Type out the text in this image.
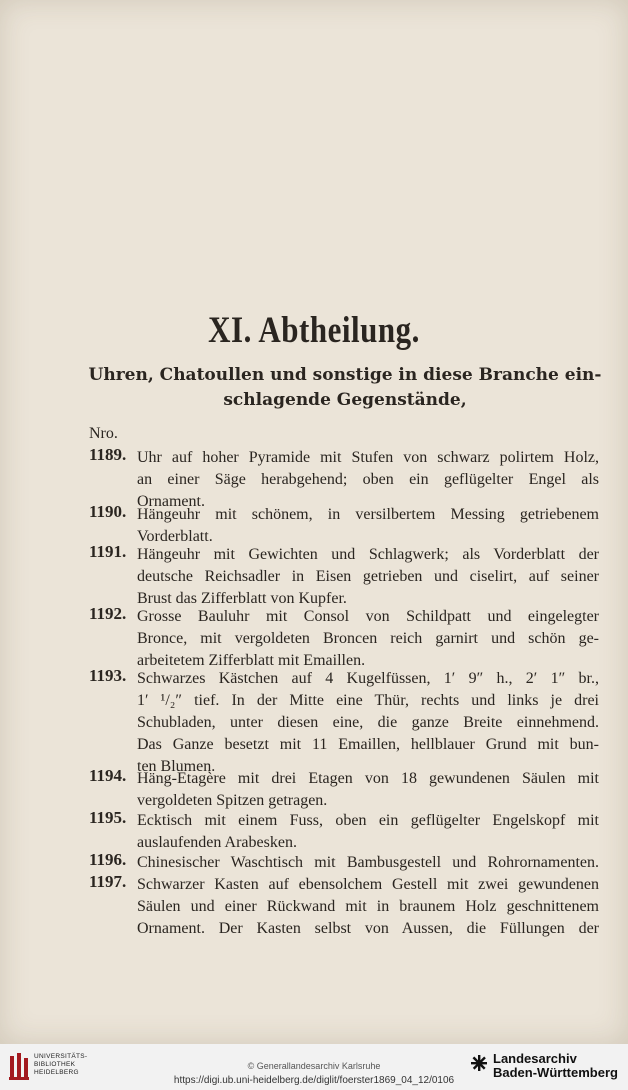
XI. Abtheilung.
Uhren, Chatoullen und sonstige in diese Branche ein-
schlagende Gegenstände,
Nro.
1189. Uhr auf hoher Pyramide mit Stufen von schwarz polirtem Holz,
an einer Säge herabgehend; oben ein geflügelter Engel als
Ornament.
1190. Hängeuhr mit schönem, in versilbertem Messing getriebenem
Vorderblatt.
1191. Hängeuhr mit Gewichten und Schlagwerk; als Vorderblatt der
deutsche Reichsadler in Eisen getrieben und ciselirt, auf seiner
Brust das Zifferblatt von Kupfer.
1192. Grosse Bauluhr mit Consol von Schildpatt und eingelegter
Bronce, mit vergoldeten Broncen reich garnirt und schön ge-
arbeitetem Zifferblatt mit Emaillen.
1193. Schwarzes Kästchen auf 4 Kugelfüssen, 1′ 9″ h., 2′ 1″ br.,
1′ ¹/₂″ tief. In der Mitte eine Thür, rechts und links je drei
Schubladen, unter diesen eine, die ganze Breite einnehmend.
Das Ganze besetzt mit 11 Emaillen, hellblauer Grund mit bun-
ten Blumen.
1194. Häng-Etagère mit drei Etagen von 18 gewundenen Säulen mit
vergoldeten Spitzen getragen.
1195. Ecktisch mit einem Fuss, oben ein geflügelter Engelskopf mit
auslaufenden Arabesken.
1196. Chinesischer Waschtisch mit Bambusgestell und Rohrornamenten.
1197. Schwarzer Kasten auf ebensolchem Gestell mit zwei gewundenen
Säulen und einer Rückwand mit in braunem Holz geschnittenem
Ornament. Der Kasten selbst von Aussen, die Füllungen der
UNIVERSITÄTS-
BIBLIOTHEK
HEIDELBERG
© Generallandesarchiv Karlsruhe
https://digi.ub.uni-heidelberg.de/diglit/foerster1869_04_12/0106
Landesarchiv
Baden-Württemberg
